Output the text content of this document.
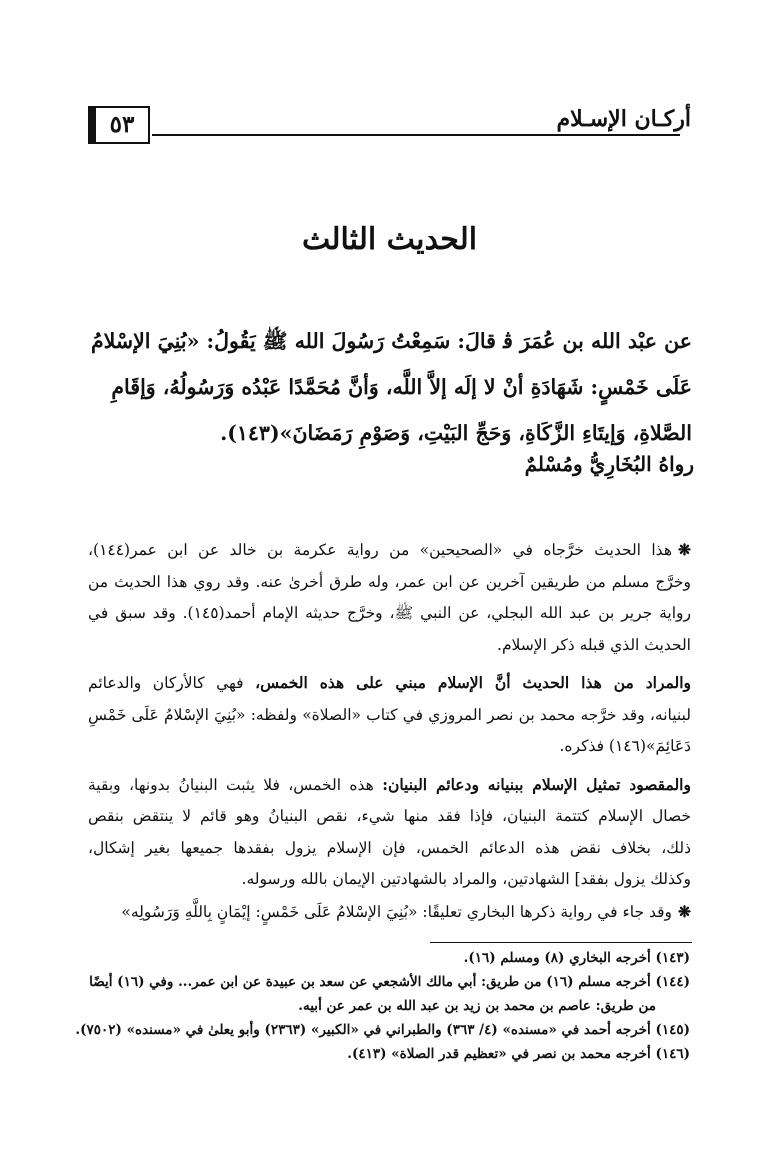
٥٣	أركـان الإسـلام
الحديث الثالث
عن عبْد الله بن عُمَرَ ﭬ قالَ: سَمِعْتُ رَسُولَ الله ﷺ يَقُولُ: «بُنِيَ الإسْلامُ
عَلَى خَمْسٍ: شَهَادَةِ أنْ لا إلَه إلاَّ اللَّه، وَأنَّ مُحَمَّدًا عَبْدُه وَرَسُولُهُ، وَإقَامِ
الصَّلاةِ، وَإيتَاءِ الزَّكَاةِ، وَحَجِّ البَيْتِ، وَصَوْمِ رَمَضَانَ»(١٤٣).
رواهُ البُخَارِيُّ ومُسْلمٌ
❋هذا الحديث خرَّجاه في «الصحيحين» من رواية عكرمة بن خالد عن ابن عمر(١٤٤)،
وخرَّج مسلم من طريقين آخرين عن ابن عمر، وله طرق أخرىٰ عنه. وقد روي هذا الحديث من
رواية جرير بن عبد الله البجلي، عن النبي ﷺ، وخرَّج حديثه الإمام أحمد(١٤٥). وقد سبق في
الحديث الذي قبله ذكر الإسلام.
والمراد من هذا الحديث أنَّ الإسلام مبني على هذه الخمس، فهي كالأركان والدعائم
لبنيانه، وقد خرَّجه محمد بن نصر المروزي في كتاب «الصلاة» ولفظه: «بُنِيَ الإسْلامُ عَلَى خَمْسِ
دَعَائِمَ»(١٤٦) فذكره.
والمقصود تمثيل الإسلام ببنيانه ودعائم البنيان: هذه الخمس، فلا يثبت البنيانُ بدونها، وبقية
خصال الإسلام كتتمة البنيان، فإذا فقد منها شيء، نقص البنيانُ وهو قائم لا ينتقض بنقص
ذلك، بخلاف نقض هذه الدعائم الخمس، فإن الإسلام يزول بفقدها جميعها بغير إشكال،
وكذلك يزول بفقد] الشهادتين، والمراد بالشهادتين الإيمان بالله ورسوله.
❋وقد جاء في رواية ذكرها البخاري تعليقًا: «بُنِيَ الإسْلامُ عَلَى خَمْسٍ: إيْمَانٍ بِاللَّهِ وَرَسُولِه»
(١٤٣) أخرجه البخاري (٨) ومسلم (١٦).
(١٤٤) أخرجه مسلم (١٦) من طريق: أبي مالك الأشجعي عن سعد بن عبيدة عن ابن عمر... وفي (١٦) أيضًا
من طريق: عاصم بن محمد بن زيد بن عبد الله بن عمر عن أبيه.
(١٤٥) أخرجه أحمد في «مسنده» (٤/ ٣٦٣) والطبراني في «الكبير» (٢٣٦٣) وأبو يعلىٰ في «مسنده» (٧٥٠٢).
(١٤٦) أخرجه محمد بن نصر في «تعظيم قدر الصلاة» (٤١٣).
